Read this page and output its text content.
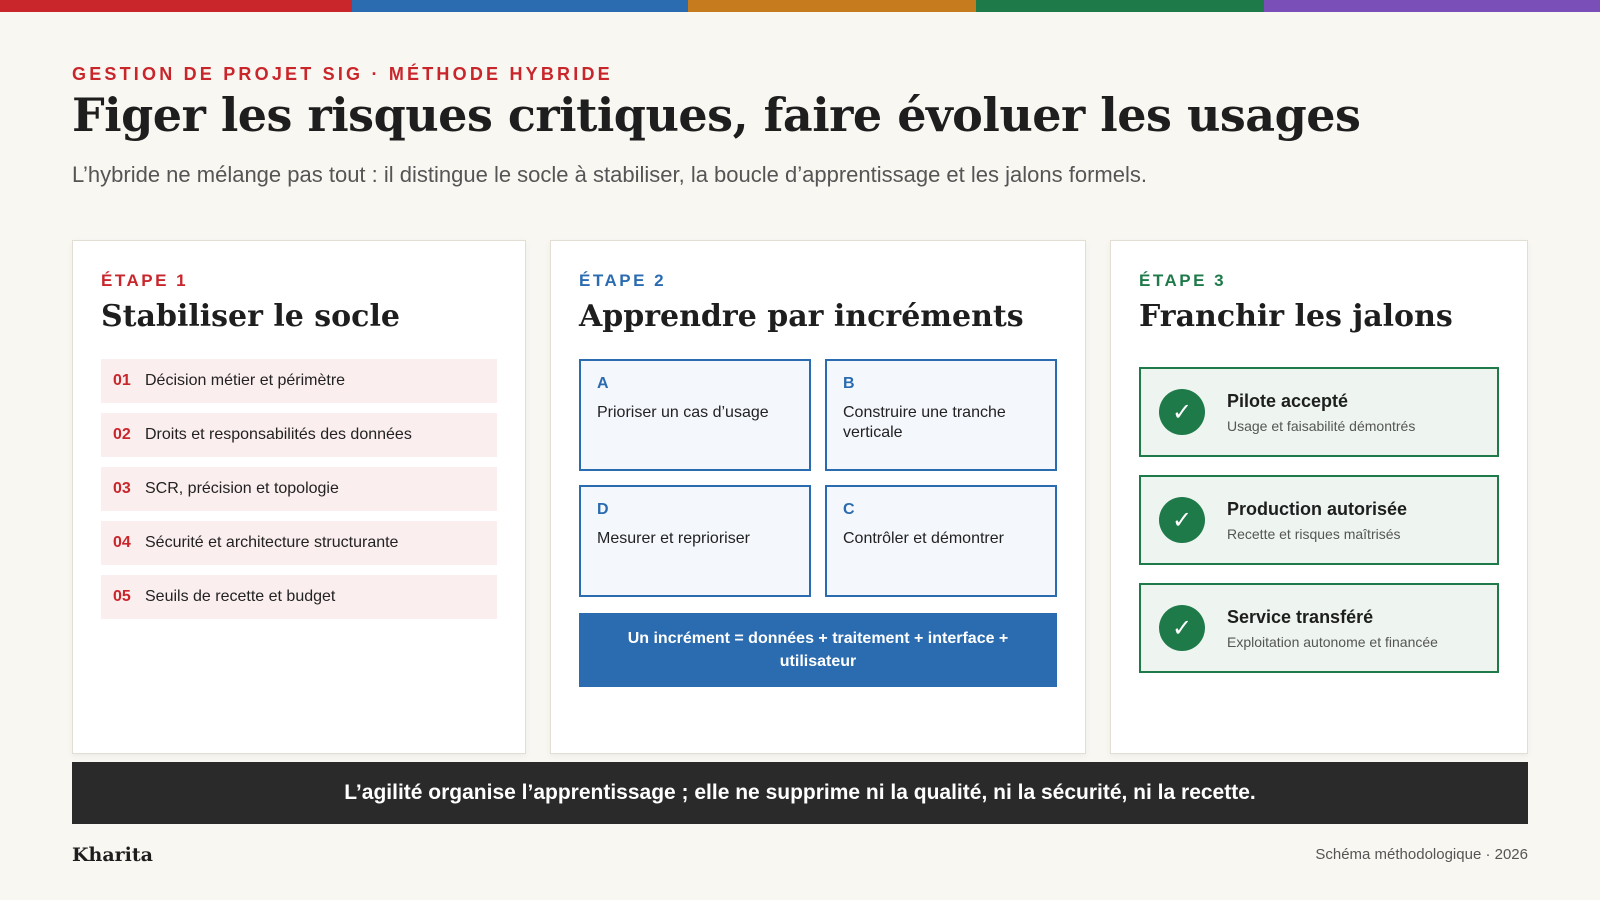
GESTION DE PROJET SIG · MÉTHODE HYBRIDE
Figer les risques critiques, faire évoluer les usages

L’hybride ne mélange pas tout : il distingue le socle à stabiliser, la boucle d’apprentissage et les jalons formels.

ÉTAPE 1
Stabiliser le socle
01 Décision métier et périmètre
02 Droits et responsabilités des données
03 SCR, précision et topologie
04 Sécurité et architecture structurante
05 Seuils de recette et budget
ÉTAPE 2
Apprendre par incréments
A
Prioriser un cas d’usage
B
Construire une tranche verticale
D
Mesurer et reprioriser
C
Contrôler et démontrer
Un incrément = données + traitement + interface + utilisateur
ÉTAPE 3
Franchir les jalons
✓	Pilote accepté
Usage et faisabilité démontrés
✓	Production autorisée
Recette et risques maîtrisés
✓	Service transféré
Exploitation autonome et financée
L’agilité organise l’apprentissage ; elle ne supprime ni la qualité, ni la sécurité, ni la recette.
Kharita	Schéma méthodologique · 2026
